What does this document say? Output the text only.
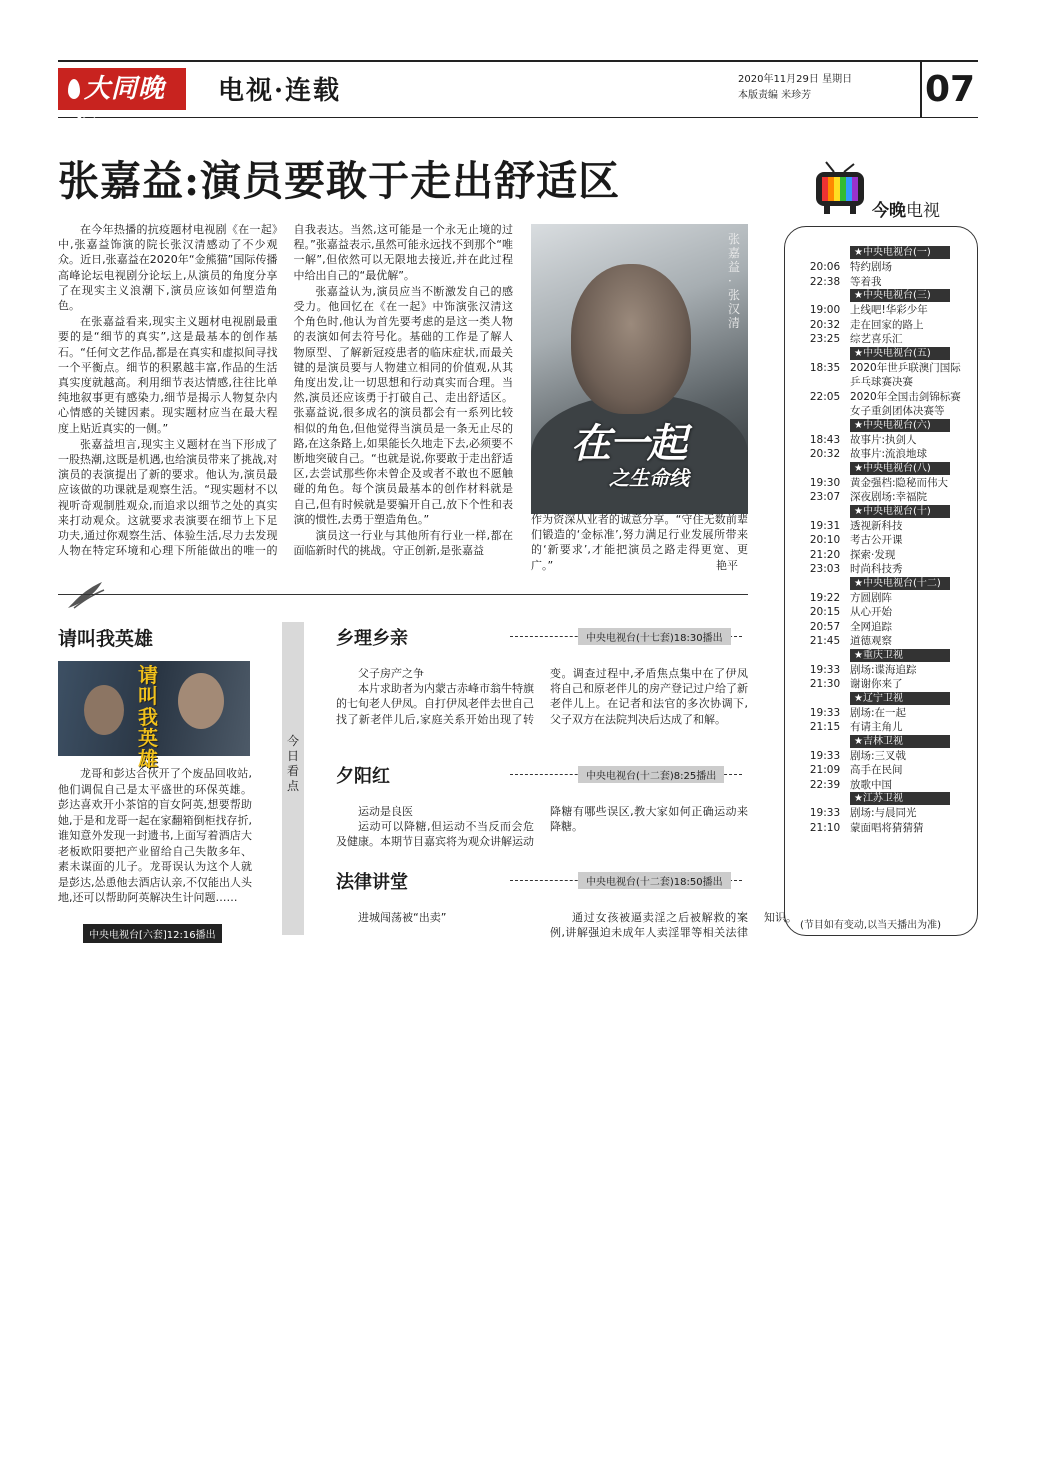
大同晚报
电视·连载	2020年11月29日 星期日
本版责编 米珍芳	07
张嘉益:演员要敢于走出舒适区

在今年热播的抗疫题材电视剧《在一起》中,张嘉益饰演的院长张汉清感动了不少观众。近日,张嘉益在2020年“金熊猫”国际传播高峰论坛电视剧分论坛上,从演员的角度分享了在现实主义浪潮下,演员应该如何塑造角色。

在张嘉益看来,现实主义题材电视剧最重要的是“细节的真实”,这是最基本的创作基石。“任何文艺作品,都是在真实和虚拟间寻找一个平衡点。细节的积累越丰富,作品的生活真实度就越高。利用细节表达情感,往往比单纯地叙事更有感染力,细节是揭示人物复杂内心情感的关键因素。现实题材应当在最大程度上贴近真实的一侧。”

张嘉益坦言,现实主义题材在当下形成了一股热潮,这既是机遇,也给演员带来了挑战,对演员的表演提出了新的要求。他认为,演员最应该做的功课就是观察生活。“现实题材不以视听奇观制胜观众,而追求以细节之处的真实来打动观众。这就要求表演要在细节上下足功夫,通过你观察生活、体验生活,尽力去发现人物在特定环境和心理下所能做出的唯一的自我表达。当然,这可能是一个永无止境的过程。”张嘉益表示,虽然可能永远找不到那个“唯一解”,但依然可以无限地去接近,并在此过程中给出自己的“最优解”。

张嘉益认为,演员应当不断激发自己的感受力。他回忆在《在一起》中饰演张汉清这个角色时,他认为首先要考虑的是这一类人物的表演如何去符号化。基础的工作是了解人物原型、了解新冠疫患者的临床症状,而最关键的是演员要与人物建立相同的价值观,从其角度出发,让一切思想和行动真实而合理。当然,演员还应该勇于打破自己、走出舒适区。张嘉益说,很多成名的演员都会有一系列比较相似的角色,但他觉得当演员是一条无止尽的路,在这条路上,如果能长久地走下去,必须要不断地突破自己。“也就是说,你要敢于走出舒适区,去尝试那些你未曾企及或者不敢也不愿触碰的角色。每个演员最基本的创作材料就是自己,但有时候就是要骗开自己,放下个性和表演的惯性,去勇于塑造角色。”

演员这一行业与其他所有行业一样,都在面临新时代的挑战。守正创新,是张嘉益

张嘉益·张汉清
在一起
之生命线
作为资深从业者的诚意分享。“守住无数前辈们锻造的‘金标准’,努力满足行业发展所带来的‘新要求’,才能把演员之路走得更宽、更广。”	艳平
请叫我英雄
请叫我英雄
龙哥和彭达合伙开了个废品回收站,他们调侃自己是太平盛世的环保英雄。彭达喜欢开小茶馆的盲女阿英,想要帮助她,于是和龙哥一起在家翻箱倒柜找存折,谁知意外发现一封遗书,上面写着酒店大老板欧阳要把产业留给自己失散多年、素未谋面的儿子。龙哥误认为这个人就是彭达,怂恿他去酒店认亲,不仅能出人头地,还可以帮助阿英解决生计问题……
中央电视台[六套]12:16播出
今日看点
乡理乡亲	中央电视台(十七套)18:30播出

父子房产之争

本片求助者为内蒙古赤峰市翁牛特旗的七旬老人伊凤。自打伊凤老伴去世自己找了新老伴儿后,家庭关系开始出现了转变。调查过程中,矛盾焦点集中在了伊凤将自己和原老伴儿的房产登记过户给了新老伴儿上。在记者和法官的多次协调下,父子双方在法院判决后达成了和解。

夕阳红	中央电视台(十二套)8:25播出

运动是良医

运动可以降糖,但运动不当反而会危及健康。本期节目嘉宾将为观众讲解运动降糖有哪些误区,教大家如何正确运动来降糖。

法律讲堂	中央电视台(十二套)18:50播出

进城闯荡被“出卖”	通过女孩被逼卖淫之后被解救的案例,讲解强迫未成年人卖淫罪等相关法律知识。

今晚电视
★中央电视台(一)
20:06 特约剧场
22:38 等着我
★中央电视台(三)
19:00 上线吧!华彩少年
20:32 走在回家的路上
23:25 综艺喜乐汇
★中央电视台(五)
18:35 2020年世乒联澳门国际乒乓球赛决赛
22:05 2020年全国击剑锦标赛女子重剑团体决赛等
★中央电视台(六)
18:43 故事片:执剑人
20:32 故事片:流浪地球
★中央电视台(八)
19:30 黄金强档:隐秘而伟大
23:07 深夜剧场:幸福院
★中央电视台(十)
19:31 透视新科技
20:10 考古公开课
21:20 探索·发现
23:03 时尚科技秀
★中央电视台(十二)
19:22 方圆剧阵
20:15 从心开始
20:57 全网追踪
21:45 道德观察
★重庆卫视
19:33 剧场:谍海追踪
21:30 谢谢你来了
★辽宁卫视
19:33 剧场:在一起
21:15 有请主角儿
★吉林卫视
19:33 剧场:三叉戟
21:09 高手在民间
22:39 放歌中国
★江苏卫视
19:33 剧场:与晨同光
21:10 蒙面唱将猜猜猜
(节目如有变动,以当天播出为准)
